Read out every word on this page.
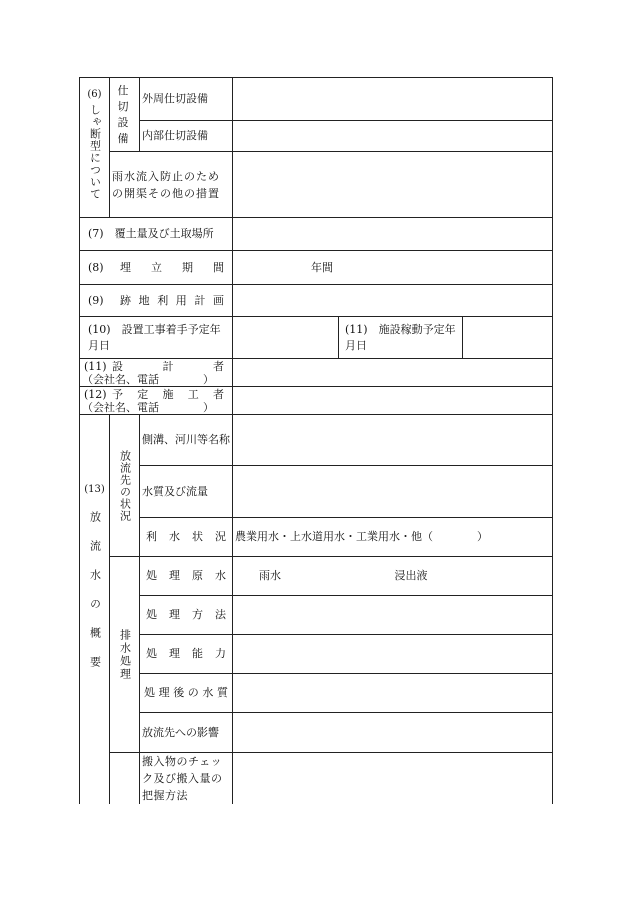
(6)
しゃ断型について	仕切設備	外周仕切設備			
		内部仕切設備			
	雨水流入防止のための開渠その他の措置				
(7)　覆土量及び土取場所					

(8) 埋立期間			年間		

(9) 跡地利用計画					

(10)　設置工事着手予定年月日				(11)　施設稼動予定年月日	

(11) 設計者
（会社名、電話　　　　）					

(12) 予定施工者
（会社名、電話　　　　）					

(13)
放流水の概要	放流先の状況	側溝、河川等名称			
		水質及び流量			
		利水状況	農業用水・上水道用水・工業用水・他（　　　　）		

	排水処理	処理原水	雨水 浸出液		
		処理方法			
		処理能力			
		処理後の水質			
		放流先への影響			
		搬入物のチェック及び搬入量の把握方法			
